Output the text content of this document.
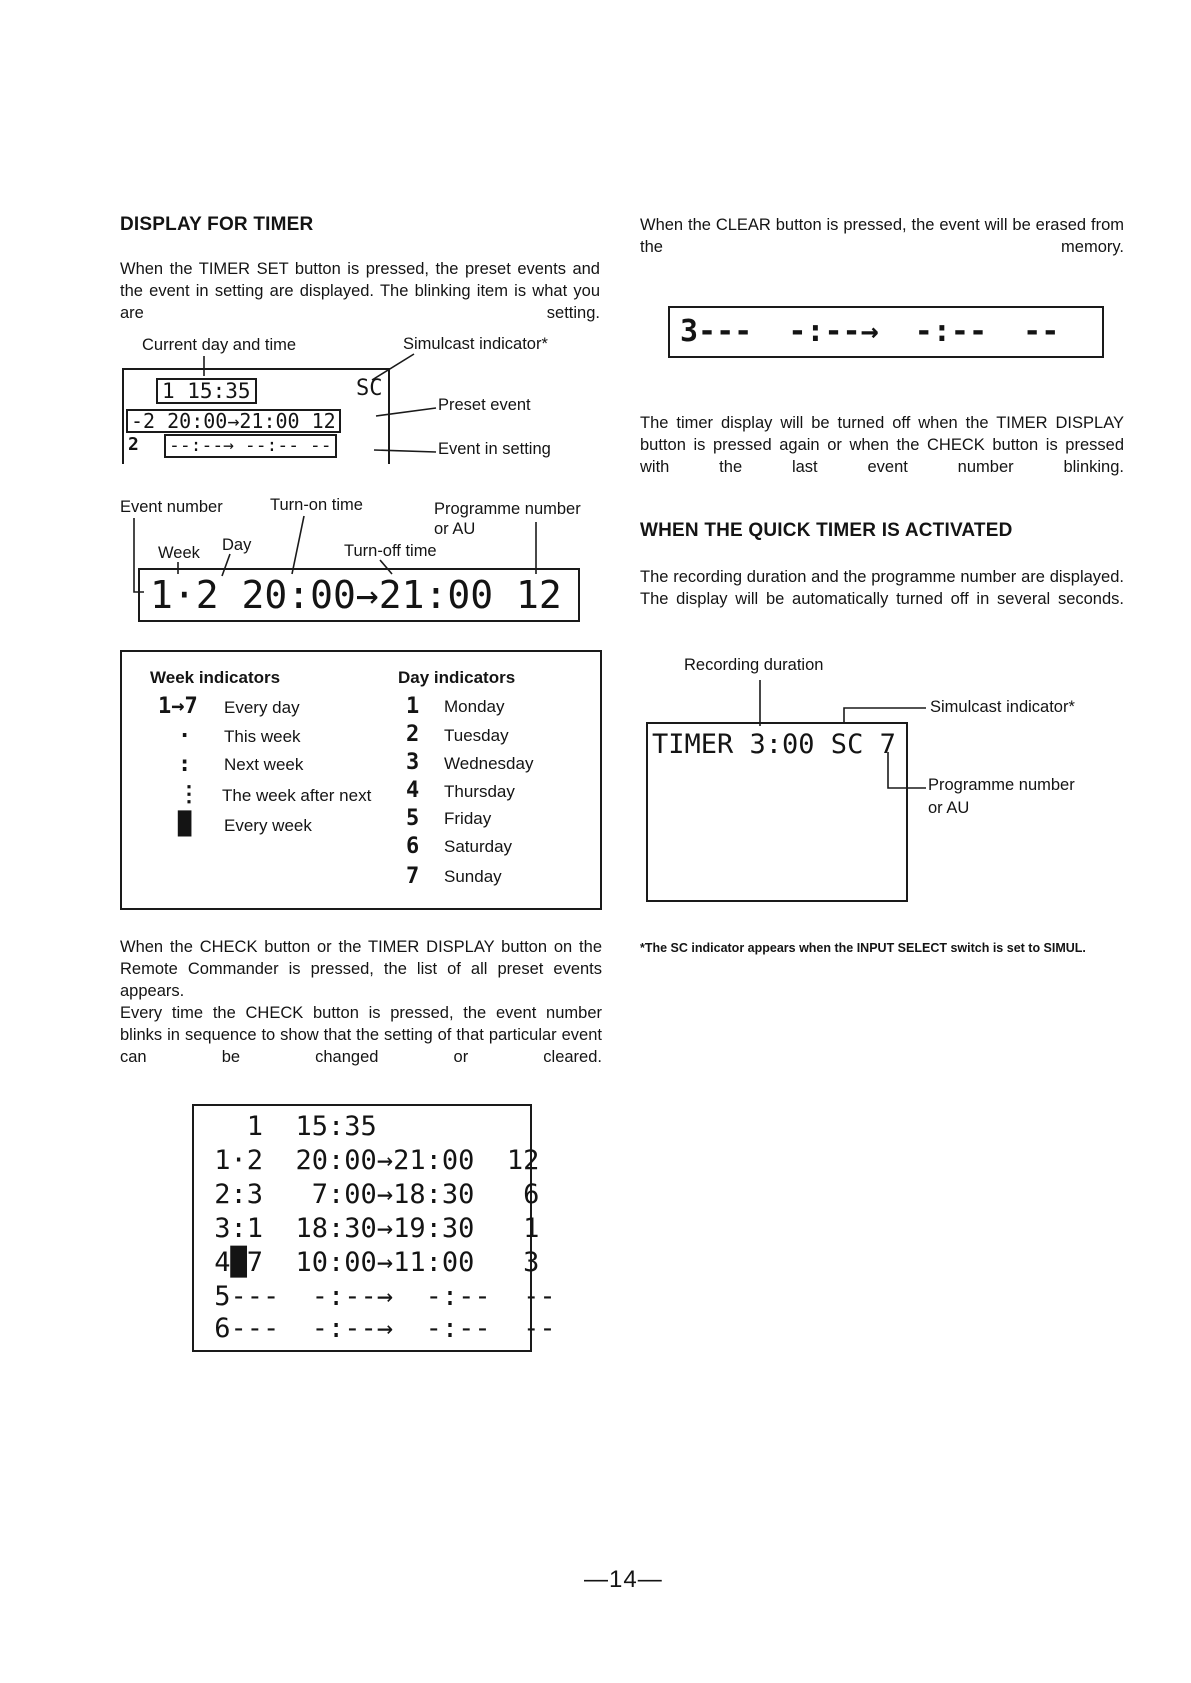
DISPLAY FOR TIMER
When the TIMER SET button is pressed, the preset events and the event in setting are displayed. The blinking item is what you are setting.
Current day and time	Simulcast indicator*
1 15:35	SC
-2 20:00→21:00 12
2 --:--→ --:-- --
Preset event
Event in setting
Event number	Turn-on time	Programme number
or AU
Week Day	Turn-off time
1·2 20:00→21:00 12
Week indicators	Day indicators
1→7 Every day
· This week
: Next week
⋮ The week after next
█ Every week
1 Monday
2 Tuesday
3 Wednesday
4 Thursday
5 Friday
6 Saturday
7 Sunday
When the CHECK button or the TIMER DISPLAY button on the Remote Commander is pressed, the list of all preset events appears.
Every time the CHECK button is pressed, the event number blinks in sequence to show that the setting of that particular event can be changed or cleared.
1  15:35
1·2  20:00→21:00  12
2:3   7:00→18:30   6
3:1  18:30→19:30   1
4█7  10:00→11:00   3
5---  -:--→  -:--  --
6---  -:--→  -:--  --
When the CLEAR button is pressed, the event will be erased from the memory.
3---  -:--→  -:--  --
The timer display will be turned off when the TIMER DISPLAY button is pressed again or when the CHECK button is pressed with the last event number blinking.
WHEN THE QUICK TIMER IS ACTIVATED
The recording duration and the programme number are displayed. The display will be automatically turned off in several seconds.
Recording duration
Simulcast indicator*
Programme number
or AU
TIMER 3:00 SC 7
*The SC indicator appears when the INPUT SELECT switch is set to SIMUL.
—14—
